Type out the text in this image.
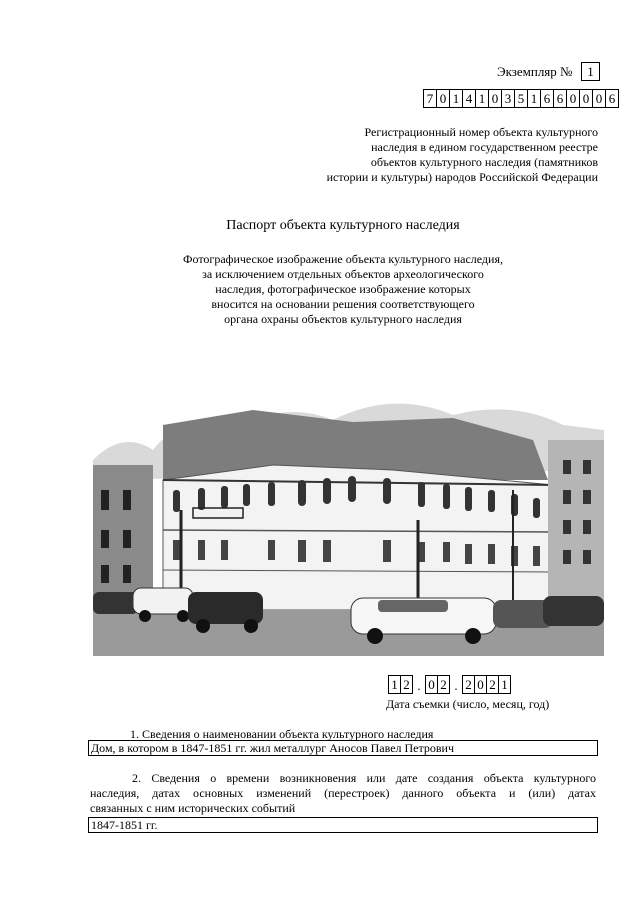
Экземпляр №	1
7 0 1 4 1 0 3 5 1 6 6 0 0 0 6
Регистрационный номер объекта культурного
наследия в едином государственном реестре
объектов культурного наследия (памятников
истории и культуры) народов Российской Федерации
Паспорт объекта культурного наследия
Фотографическое изображение объекта культурного наследия,
за исключением отдельных объектов археологического
наследия, фотографическое изображение которых
вносится на основании решения соответствующего
органа охраны объектов культурного наследия
1 2 . 0 2 . 2 0 2 1
Дата съемки (число, месяц, год)
1. Сведения о наименовании объекта культурного наследия
Дом, в котором в 1847-1851 гг. жил металлург Аносов Павел Петрович
2. Сведения о времени возникновения или дате создания объекта культурного
наследия, датах основных изменений (перестроек) данного объекта и (или) датах
связанных с ним исторических событий
1847-1851 гг.
